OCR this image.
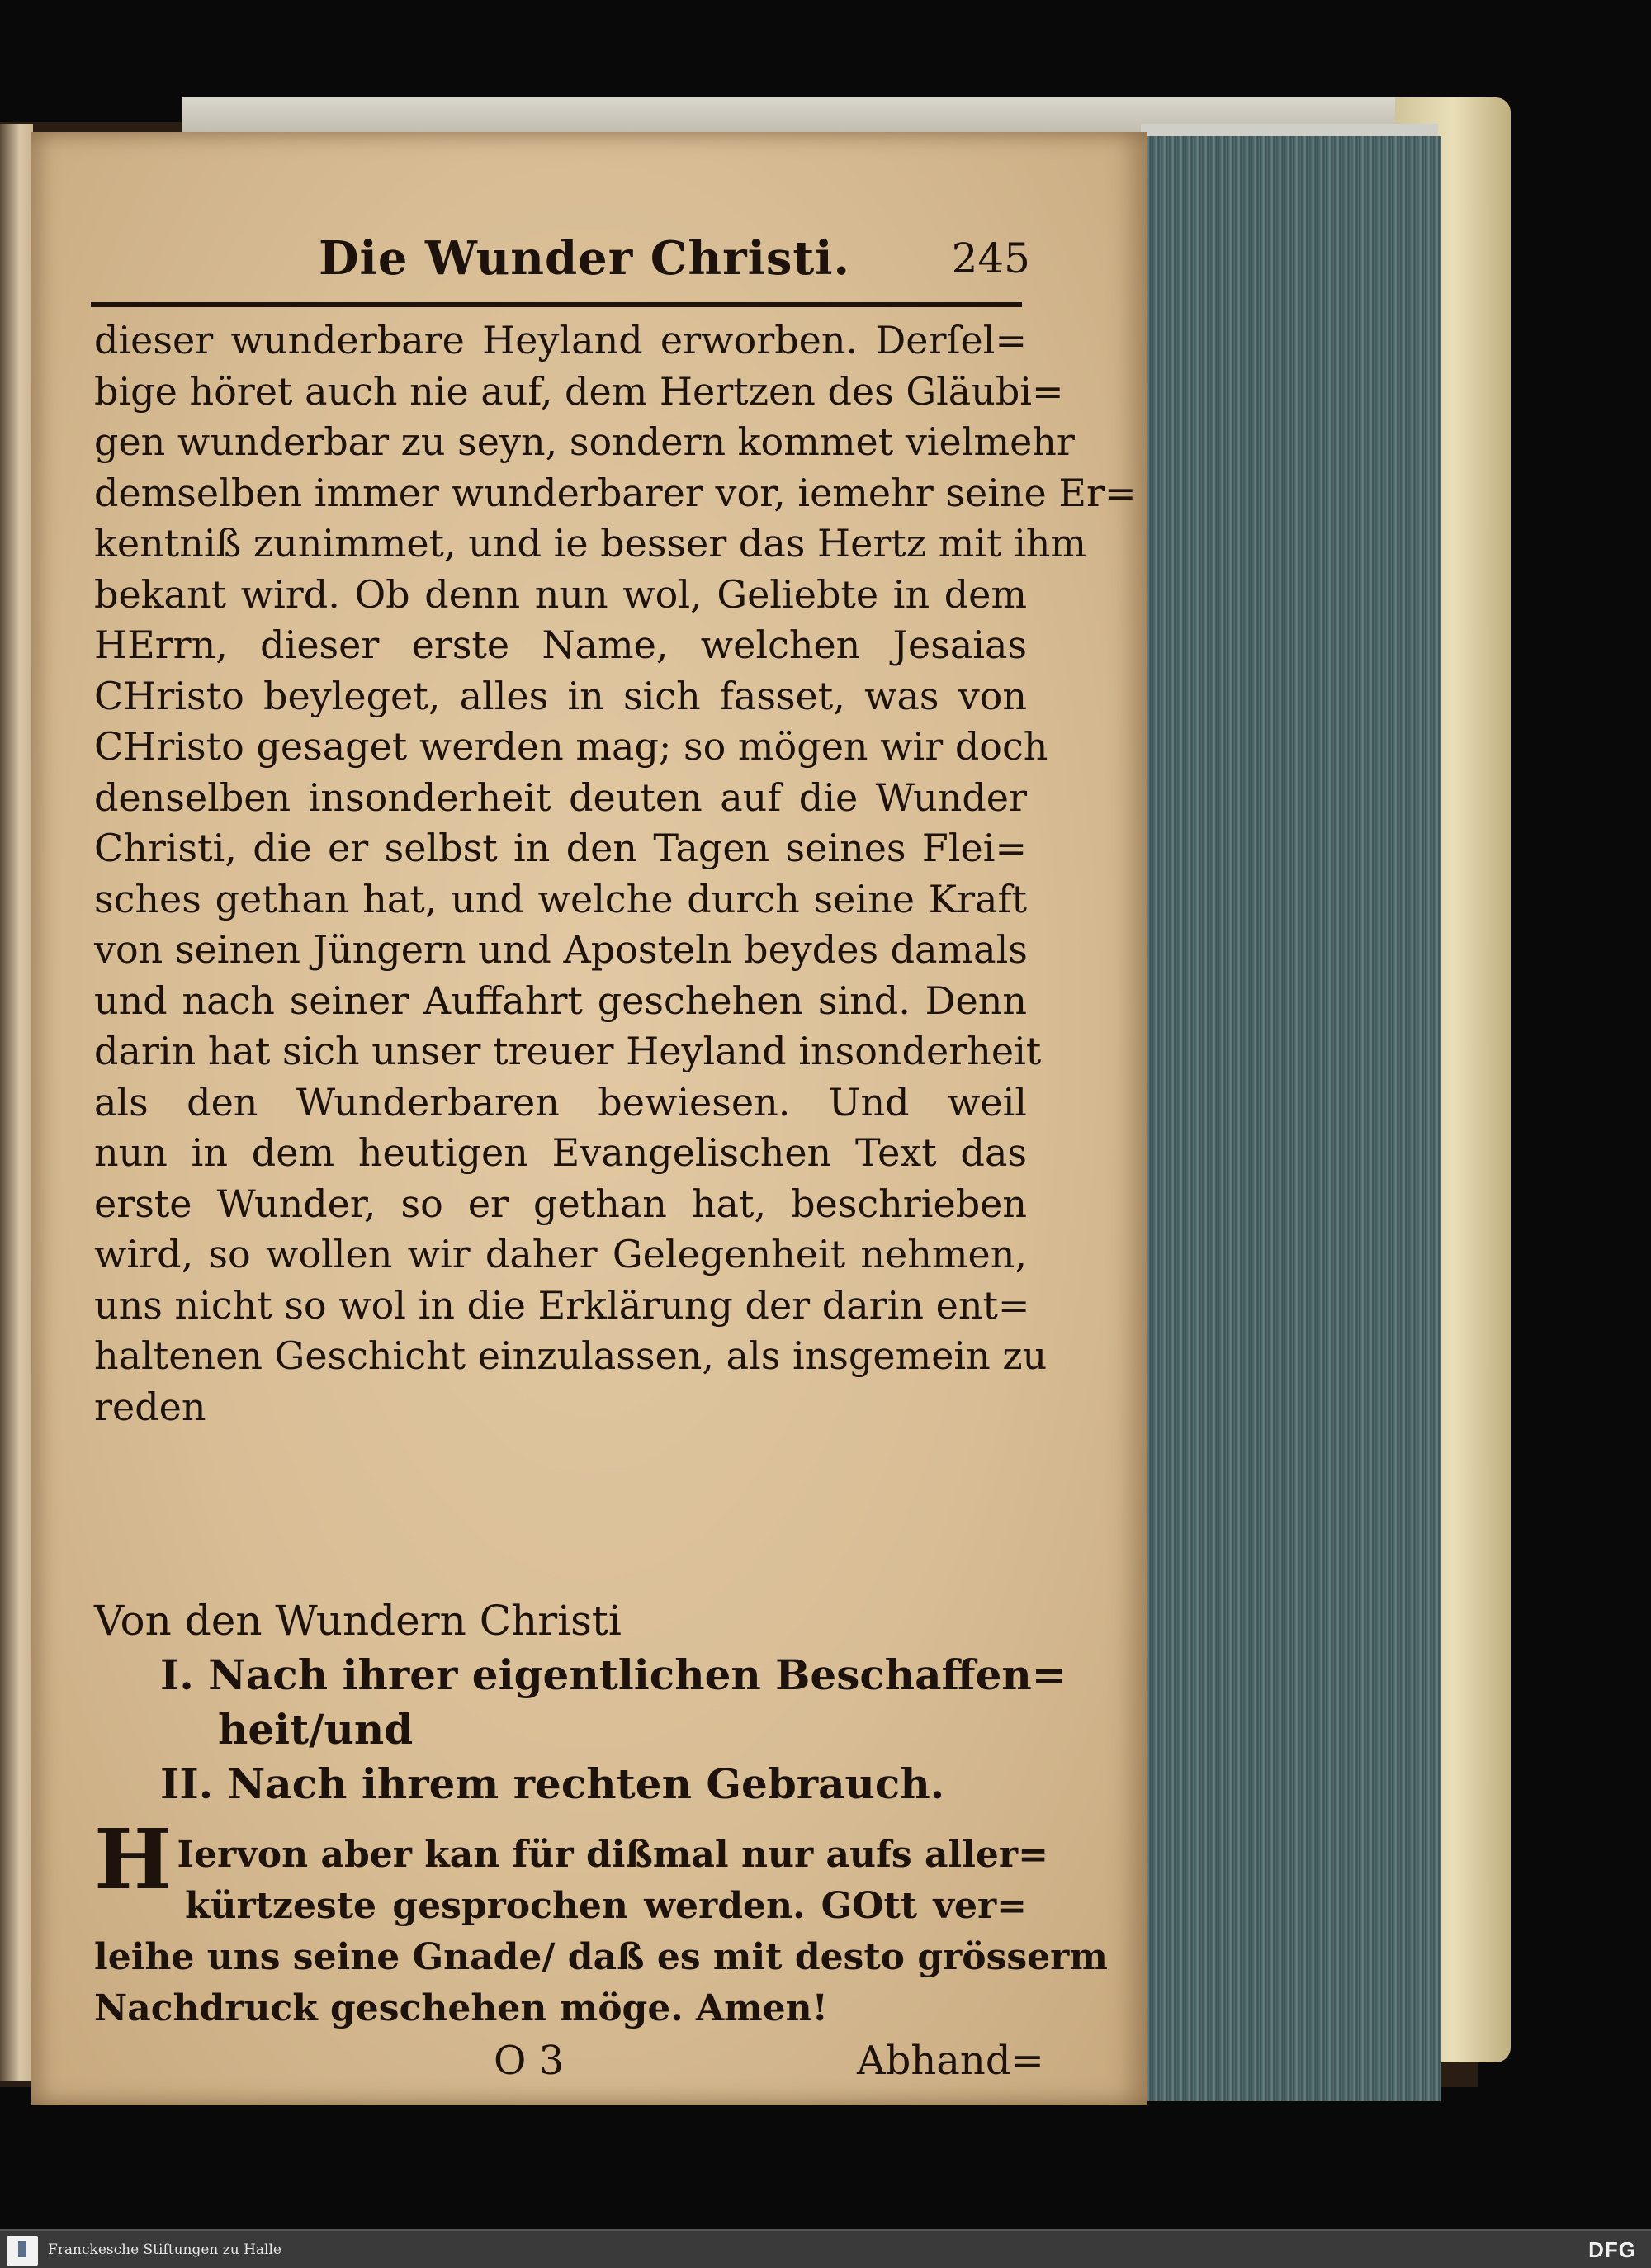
Die Wunder Christi.	245
dieser wunderbare Heyland erworben. Derſel=
bige höret auch nie auf, dem Hertzen des Gläubi=
gen wunderbar zu seyn, sondern kommet vielmehr
demselben immer wunderbarer vor, iemehr seine Er=
kentniß zunimmet, und ie besser das Hertz mit ihm
bekant wird. Ob denn nun wol, Geliebte in dem
HErrn, dieser erste Name, welchen Jesaias
CHristo beyleget, alles in sich fasset, was von
CHristo gesaget werden mag; so mögen wir doch
denselben insonderheit deuten auf die Wunder
Christi, die er selbst in den Tagen seines Flei=
sches gethan hat, und welche durch seine Kraft
von seinen Jüngern und Aposteln beydes damals
und nach seiner Auffahrt geschehen sind. Denn
darin hat sich unser treuer Heyland insonderheit
als den Wunderbaren bewiesen. Und weil
nun in dem heutigen Evangelischen Text das
erste Wunder, so er gethan hat, beschrieben
wird, so wollen wir daher Gelegenheit nehmen,
uns nicht so wol in die Erklärung der darin ent=
haltenen Geschicht einzulassen, als insgemein zu
reden
Von den Wundern Christi
I. Nach ihrer eigentlichen Beschaffen=
heit/und
II. Nach ihrem rechten Gebrauch.
H Iervon aber kan für dißmal nur aufs aller=
kürtzeste gesprochen werden. GOtt ver=
leihe uns seine Gnade/ daß es mit desto grösserm
Nachdruck geschehen möge. Amen!
O 3	Abhand=
Franckesche Stiftungen zu Halle	DFG
